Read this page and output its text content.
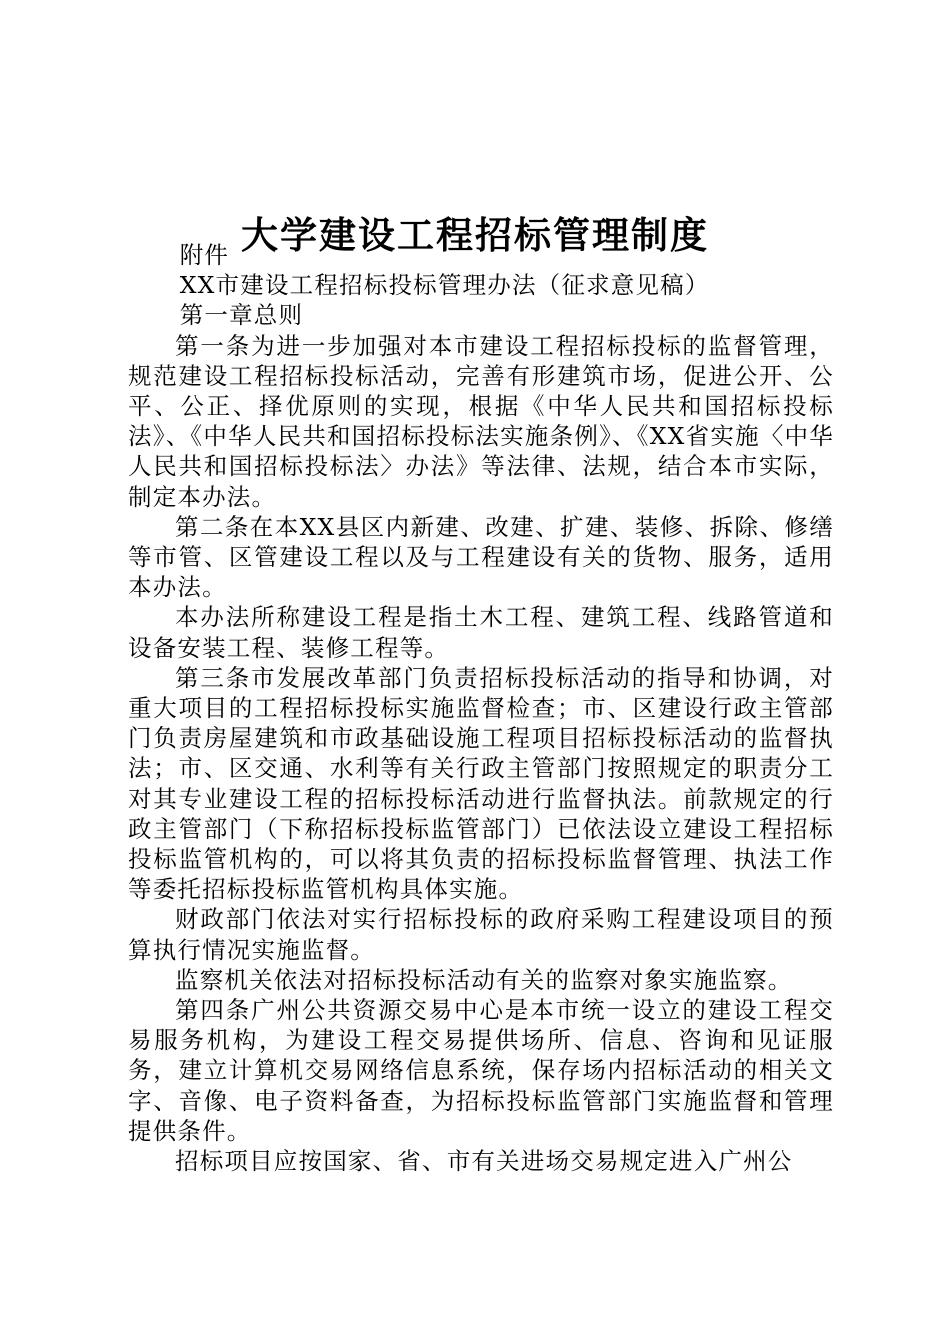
大学建设工程招标管理制度

附件

XX市建设工程招标投标管理办法（征求意见稿）

第一章总则

第一条为进一步加强对本市建设工程招标投标的监督管理，规范建设工程招标投标活动，完善有形建筑市场，促进公开、公平、公正、择优原则的实现，根据《中华人民共和国招标投标法》、《中华人民共和国招标投标法实施条例》、《XX省实施〈中华人民共和国招标投标法〉办法》等法律、法规，结合本市实际，制定本办法。

第二条在本XX县区内新建、改建、扩建、装修、拆除、修缮等市管、区管建设工程以及与工程建设有关的货物、服务，适用本办法。

本办法所称建设工程是指土木工程、建筑工程、线路管道和设备安装工程、装修工程等。

第三条市发展改革部门负责招标投标活动的指导和协调，对重大项目的工程招标投标实施监督检查；市、区建设行政主管部门负责房屋建筑和市政基础设施工程项目招标投标活动的监督执法；市、区交通、水利等有关行政主管部门按照规定的职责分工对其专业建设工程的招标投标活动进行监督执法。前款规定的行政主管部门（下称招标投标监管部门）已依法设立建设工程招标投标监管机构的，可以将其负责的招标投标监督管理、执法工作等委托招标投标监管机构具体实施。

财政部门依法对实行招标投标的政府采购工程建设项目的预算执行情况实施监督。

监察机关依法对招标投标活动有关的监察对象实施监察。

第四条广州公共资源交易中心是本市统一设立的建设工程交易服务机构，为建设工程交易提供场所、信息、咨询和见证服务，建立计算机交易网络信息系统，保存场内招标活动的相关文字、音像、电子资料备查，为招标投标监管部门实施监督和管理提供条件。

招标项目应按国家、省、市有关进场交易规定进入广州公
